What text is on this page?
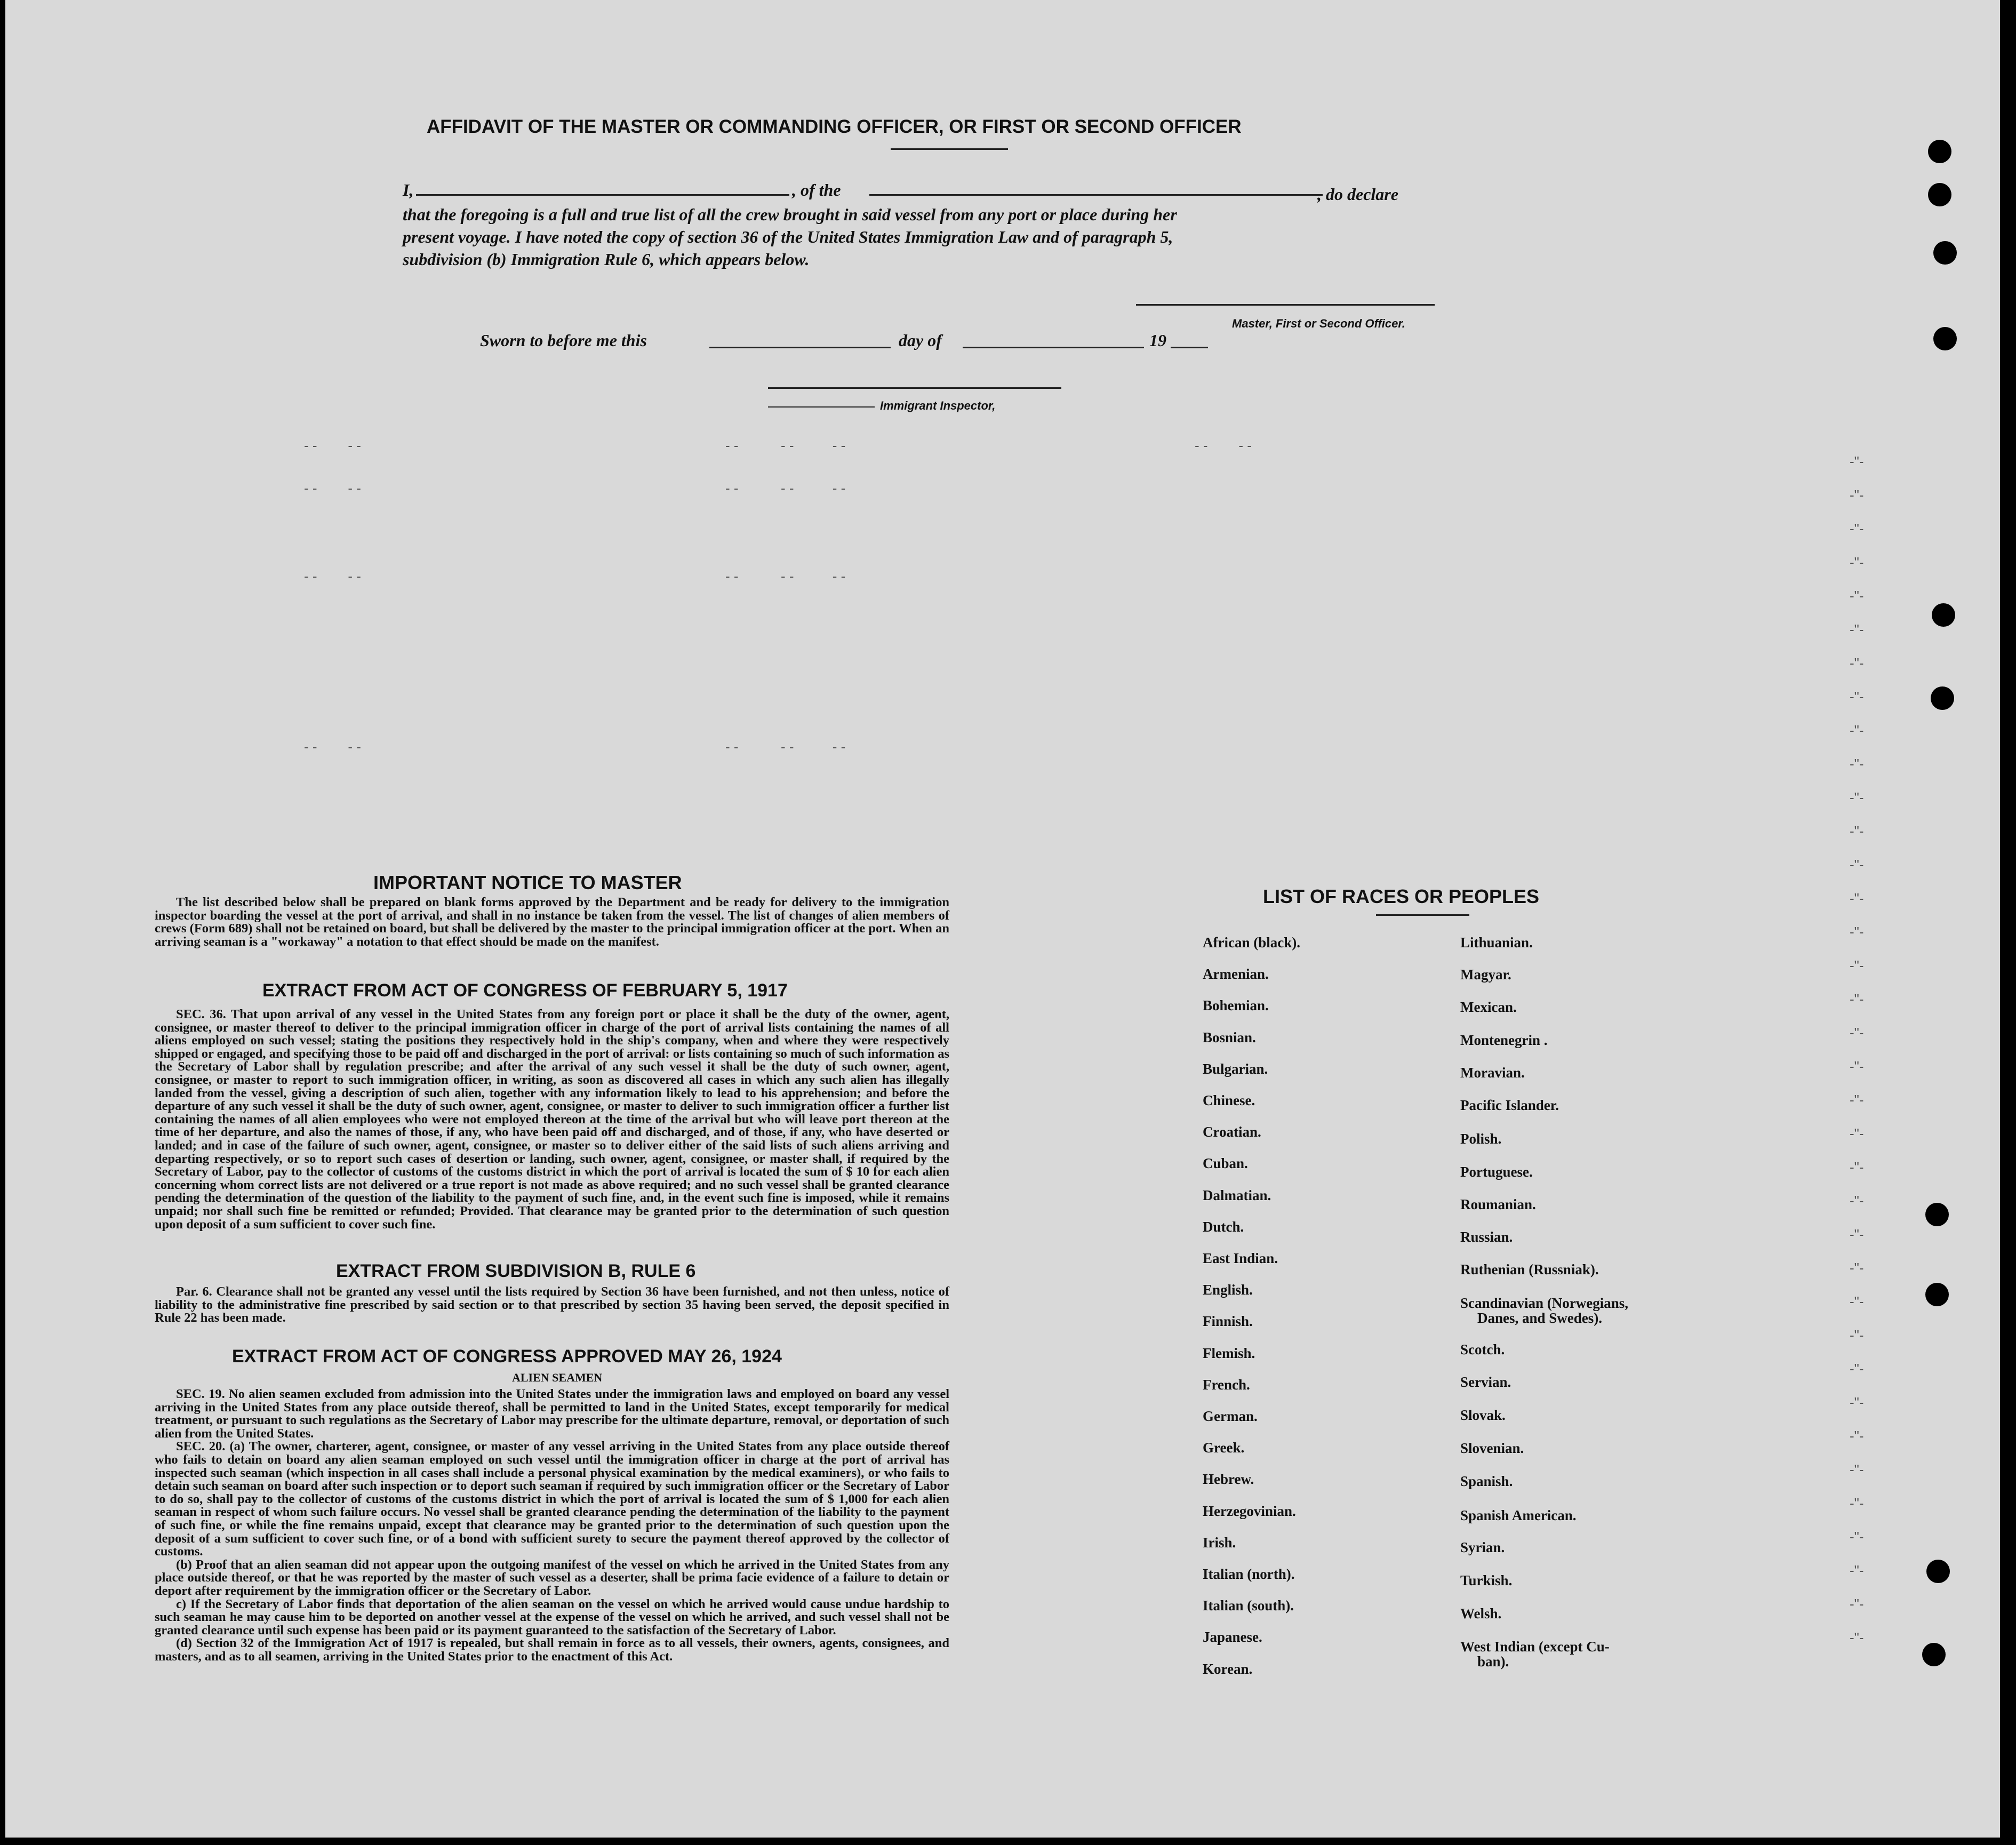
AFFIDAVIT OF THE MASTER OR COMMANDING OFFICER, OR FIRST OR SECOND OFFICER
I,	, of the	, do declare
that the foregoing is a full and true list of all the crew brought in said vessel from any port or place during her
present voyage. I have noted the copy of section 36 of the United States Immigration Law and of paragraph 5,
subdivision (b) Immigration Rule 6, which appears below.
Master, First or Second Officer.
Sworn to before me this	day of	19
Immigrant Inspector,
- -        - -	- -           - -          - -	- -        - -
- -        - -	- -           - -          - -
- -        - -	- -           - -          - -
- -        - -	- -           - -          - -
IMPORTANT NOTICE TO MASTER

The list described below shall be prepared on blank forms approved by the Department and be ready for delivery to the immigration inspector boarding the vessel at the port of arrival, and shall in no instance be taken from the vessel. The list of changes of alien members of crews (Form 689) shall not be retained on board, but shall be delivered by the master to the principal immigration officer at the port. When an arriving seaman is a "workaway" a notation to that effect should be made on the manifest.

EXTRACT FROM ACT OF CONGRESS OF FEBRUARY 5, 1917

SEC. 36. That upon arrival of any vessel in the United States from any foreign port or place it shall be the duty of the owner, agent, consignee, or master thereof to deliver to the principal immigration officer in charge of the port of arrival lists containing the names of all aliens employed on such vessel; stating the positions they respectively hold in the ship's company, when and where they were respectively shipped or engaged, and specifying those to be paid off and discharged in the port of arrival: or lists containing so much of such information as the Secretary of Labor shall by regulation prescribe; and after the arrival of any such vessel it shall be the duty of such owner, agent, consignee, or master to report to such immigration officer, in writing, as soon as discovered all cases in which any such alien has illegally landed from the vessel, giving a description of such alien, together with any information likely to lead to his apprehension; and before the departure of any such vessel it shall be the duty of such owner, agent, consignee, or master to deliver to such immigration officer a further list containing the names of all alien employees who were not employed thereon at the time of the arrival but who will leave port thereon at the time of her departure, and also the names of those, if any, who have been paid off and discharged, and of those, if any, who have deserted or landed; and in case of the failure of such owner, agent, consignee, or master so to deliver either of the said lists of such aliens arriving and departing respectively, or so to report such cases of desertion or landing, such owner, agent, consignee, or master shall, if required by the Secretary of Labor, pay to the collector of customs of the customs district in which the port of arrival is located the sum of $ 10 for each alien concerning whom correct lists are not delivered or a true report is not made as above required; and no such vessel shall be granted clearance pending the determination of the question of the liability to the payment of such fine, and, in the event such fine is imposed, while it remains unpaid; nor shall such fine be remitted or refunded; Provided. That clearance may be granted prior to the determination of such question upon deposit of a sum sufficient to cover such fine.

EXTRACT FROM SUBDIVISION B, RULE 6

Par. 6. Clearance shall not be granted any vessel until the lists required by Section 36 have been furnished, and not then unless, notice of liability to the administrative fine prescribed by said section or to that prescribed by section 35 having been served, the deposit specified in Rule 22 has been made.

EXTRACT FROM ACT OF CONGRESS APPROVED MAY 26, 1924
ALIEN SEAMEN

SEC. 19. No alien seamen excluded from admission into the United States under the immigration laws and employed on board any vessel arriving in the United States from any place outside thereof, shall be permitted to land in the United States, except temporarily for medical treatment, or pursuant to such regulations as the Secretary of Labor may prescribe for the ultimate departure, removal, or deportation of such alien from the United States.

SEC. 20. (a) The owner, charterer, agent, consignee, or master of any vessel arriving in the United States from any place outside thereof who fails to detain on board any alien seaman employed on such vessel until the immigration officer in charge at the port of arrival has inspected such seaman (which inspection in all cases shall include a personal physical examination by the medical examiners), or who fails to detain such seaman on board after such inspection or to deport such seaman if required by such immigration officer or the Secretary of Labor to do so, shall pay to the collector of customs of the customs district in which the port of arrival is located the sum of $ 1,000 for each alien seaman in respect of whom such failure occurs. No vessel shall be granted clearance pending the determination of the liability to the payment of such fine, or while the fine remains unpaid, except that clearance may be granted prior to the determination of such question upon the deposit of a sum sufficient to cover such fine, or of a bond with sufficient surety to secure the payment thereof approved by the collector of customs.

(b) Proof that an alien seaman did not appear upon the outgoing manifest of the vessel on which he arrived in the United States from any place outside thereof, or that he was reported by the master of such vessel as a deserter, shall be prima facie evidence of a failure to detain or deport after requirement by the immigration officer or the Secretary of Labor.

c) If the Secretary of Labor finds that deportation of the alien seaman on the vessel on which he arrived would cause undue hardship to such seaman he may cause him to be deported on another vessel at the expense of the vessel on which he arrived, and such vessel shall not be granted clearance until such expense has been paid or its payment guaranteed to the satisfaction of the Secretary of Labor.

(d) Section 32 of the Immigration Act of 1917 is repealed, but shall remain in force as to all vessels, their owners, agents, consignees, and masters, and as to all seamen, arriving in the United States prior to the enactment of this Act.

LIST OF RACES OR PEOPLES
African (black).
Armenian.
Bohemian.
Bosnian.
Bulgarian.
Chinese.
Croatian.
Cuban.
Dalmatian.
Dutch.
East Indian.
English.
Finnish.
Flemish.
French.
German.
Greek.
Hebrew.
Herzegovinian.
Irish.
Italian (north).
Italian (south).
Japanese.
Korean.
Lithuanian.
Magyar.
Mexican.
Montenegrin .
Moravian.
Pacific Islander.
Polish.
Portuguese.
Roumanian.
Russian.
Ruthenian (Russniak).
Scandinavian (Norwegians,
Danes, and Swedes).
Scotch.
Servian.
Slovak.
Slovenian.
Spanish.
Spanish American.
Syrian.
Turkish.
Welsh.
West Indian (except Cu-
ban).
-"-
-"-
-"-
-"-
-"-
-"-
-"-
-"-
-"-
-"-
-"-
-"-
-"-
-"-
-"-
-"-
-"-
-"-
-"-
-"-
-"-
-"-
-"-
-"-
-"-
-"-
-"-
-"-
-"-
-"-
-"-
-"-
-"-
-"-
-"-
-"-
